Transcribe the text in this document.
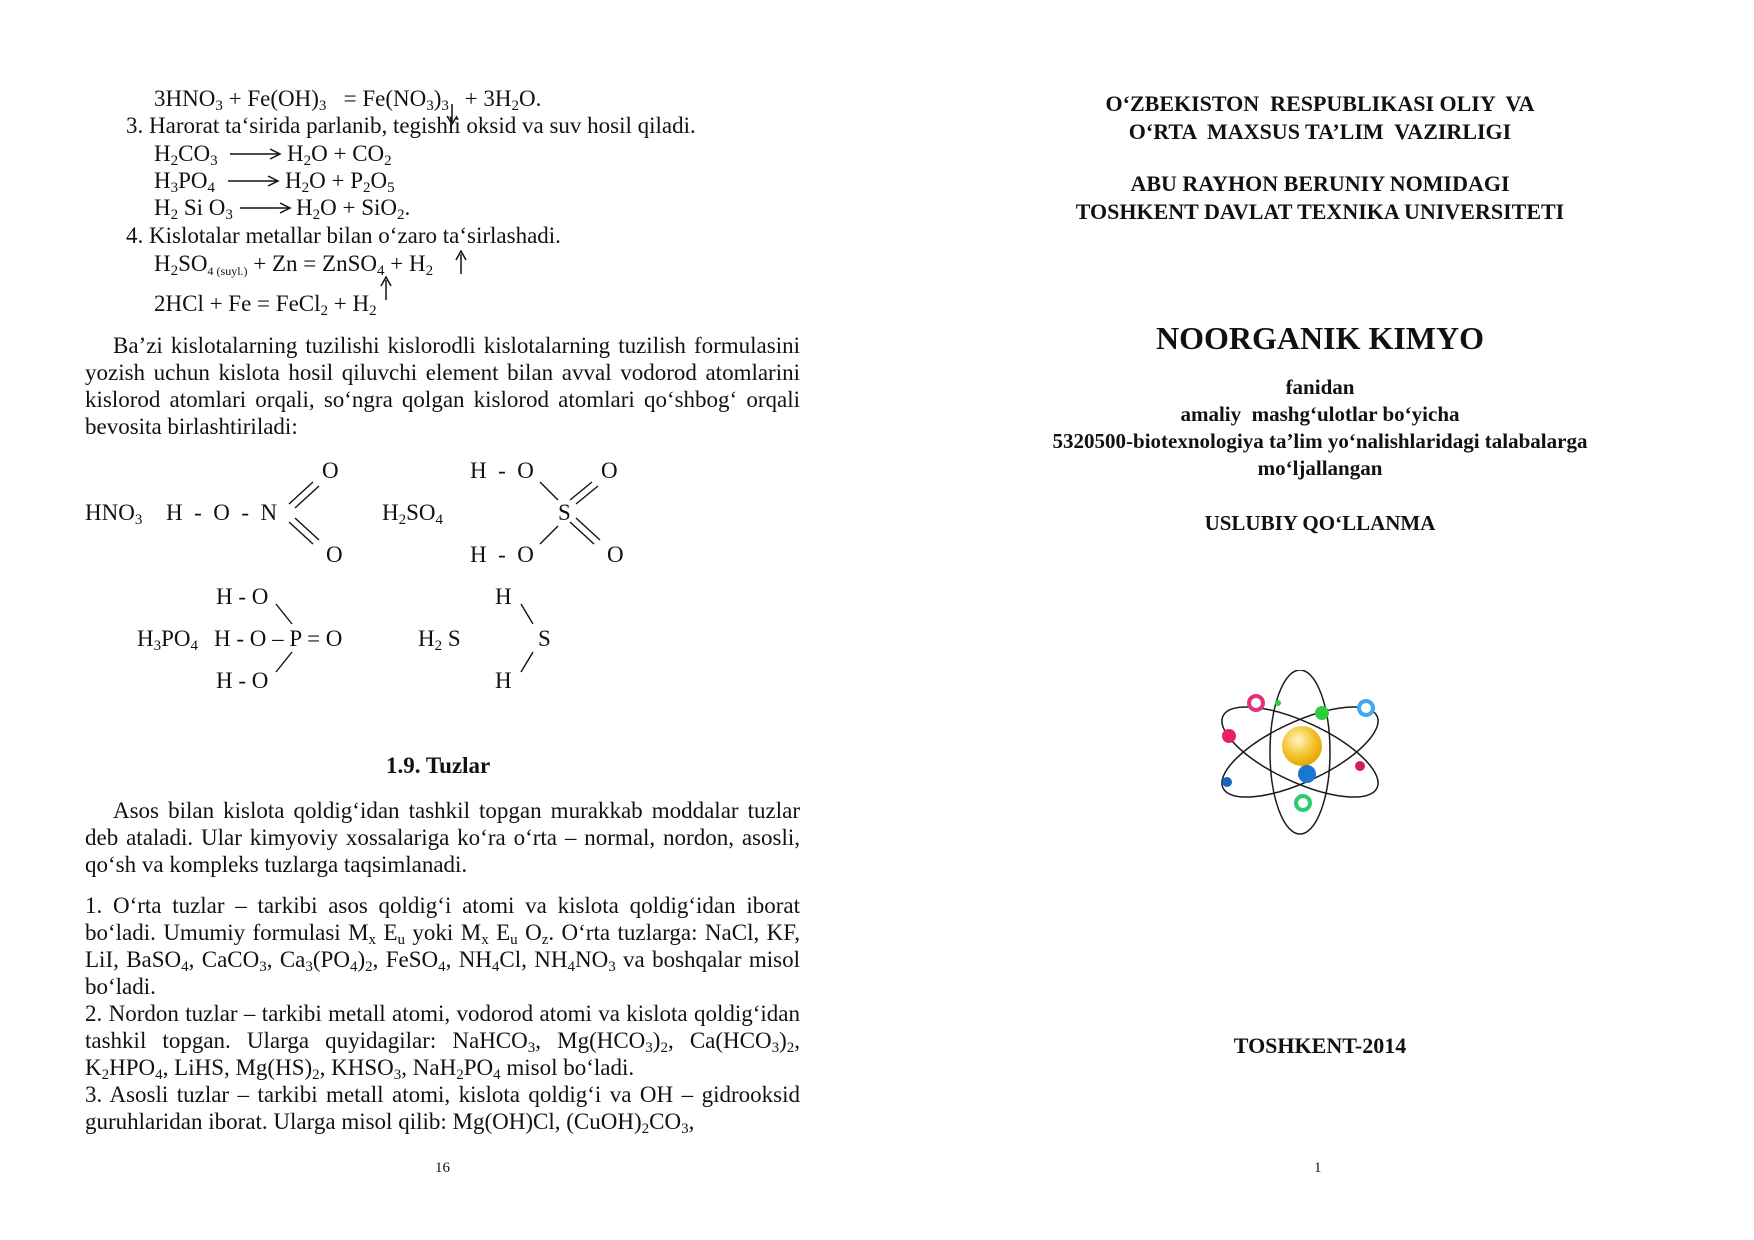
$3HNO_3 + Fe(OH)_3 = Fe(NO_3)_3$
+ $3H_2O$.
3. Harorat ta‘sirida parlanib, tegishli oksid va suv hosil qiladi.
$H_2CO_3 \to H_2O + CO_2$
$H_3PO_4 \to H_2O + P_2O_5$
$H_2$ Si $O_3 \to H_2O + SiO_2$.
4. Kislotalar metallar bilan o‘zaro ta‘sirlashadi.
$H_2SO_{4 (suyl.)} + Zn$ = ZnSO$_4$ + $H_2$
2HCl + Fe = FeCl$_2$ + $H_2$

Ba’zi kislotalarning tuzilishi kislorodli kislotalarning tuzilish formulasini yozish uchun kislota hosil qiluvchi element bilan avval vodorod atomlarini kislorod atomlari orqali, so‘ngra qolgan kislorod atomlari qo‘shbog‘ orqali bevosita birlashtiriladi:

$HNO_3$ H  -  O  -  N
O
O
$H_2SO_4$
H  -  O
H  -  O
S
O
O
$H_3PO_4$ H - O – P = O
H - O
H - O
$H_2$ S
H
H
S
1.9. Tuzlar

Asos bilan kislota qoldig‘idan tashkil topgan murakkab moddalar tuzlar deb ataladi. Ular kimyoviy xossalariga ko‘ra o‘rta – normal, nordon, asosli, qo‘sh va kompleks tuzlarga taqsimlanadi.

1. O‘rta tuzlar – tarkibi asos qoldig‘i atomi va kislota qoldig‘idan iborat bo‘ladi. Umumiy formulasi $M_x$ $E_u$ yoki $M_x$ $E_u$ $O_z$. O‘rta tuzlarga: NaCl, KF, LiI, BaSO$_4$, CaCO$_3$, $Ca_3(PO_4)_2$, FeSO$_4$, $NH_4Cl$, $NH_4NO_3$ va boshqalar misol bo‘ladi.

2. Nordon tuzlar – tarkibi metall atomi, vodorod atomi va kislota qoldig‘idan tashkil topgan. Ularga quyidagilar: NaHCO$_3$, $Mg(HCO_3)_2$, $Ca(HCO_3)_2$, $K_2HPO_4$, LiHS, $Mg(HS)_2$, $KHSO_3$, $NaH_2PO_4$ misol bo‘ladi.

3. Asosli tuzlar – tarkibi metall atomi, kislota qoldig‘i va OH – gidrooksid guruhlaridan iborat. Ularga misol qilib: Mg(OH)Cl, $(CuOH)_2CO_3$,

16
O‘ZBEKISTON  RESPUBLIKASI OLIY  VA
O‘RTA  MAXSUS TA’LIM  VAZIRLIGI
ABU RAYHON BERUNIY NOMIDAGI
TOSHKENT DAVLAT TEXNIKA UNIVERSITETI
NOORGANIK KIMYO
fanidan
amaliy  mashg‘ulotlar bo‘yicha
5320500-biotexnologiya ta’lim yo‘nalishlaridagi talabalarga
mo‘ljallangan
USLUBIY QO‘LLANMA
TOSHKENT-2014
1
